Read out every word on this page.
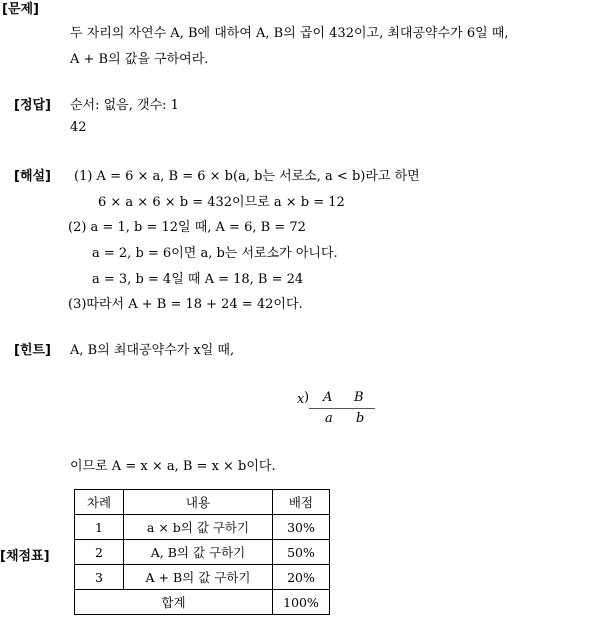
[문제]
두 자리의 자연수 A, B에 대하여 A, B의 곱이 432이고, 최대공약수가 6일 때,
A + B의 값을 구하여라.
[정답] 순서: 없음, 갯수: 1
42
[해설] (1) A = 6 × a, B = 6 × b(a, b는 서로소, a < b)라고 하면
6 × a × 6 × b = 432이므로 a × b = 12
(2) a = 1, b = 12일 때, A = 6, B = 72
a = 2, b = 6이면 a, b는 서로소가 아니다.
a = 3, b = 4일 때 A = 18, B = 24
(3)따라서 A + B = 18 + 24 = 42이다.
[힌트] A, B의 최대공약수가 x일 때,
x ) A B
a b
이므로 A = x × a, B = x × b이다.
[채점표]
차례	내용	배점
1	a × b의 값 구하기	30%
2	A, B의 값 구하기	50%
3	A + B의 값 구하기	20%
합계		100%
